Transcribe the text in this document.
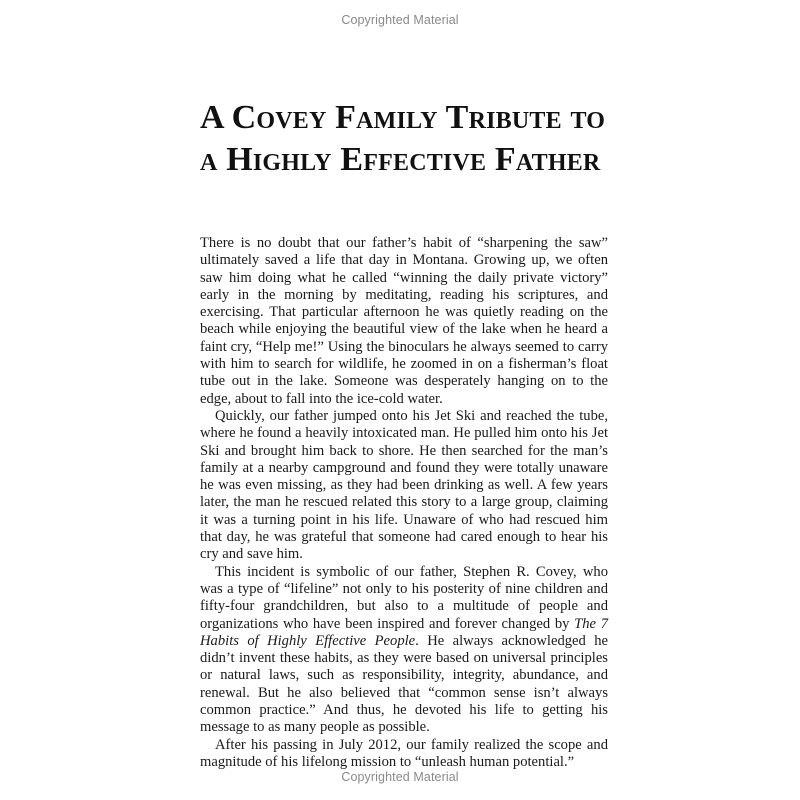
Copyrighted Material
A Covey Family Tribute to
a Highly Effective Father

There is no doubt that our father’s habit of “sharpening the saw” ultimately saved a life that day in Montana. Growing up, we often saw him doing what he called “winning the daily private victory” early in the morning by meditating, reading his scriptures, and exercising. That particular afternoon he was quietly reading on the beach while enjoying the beautiful view of the lake when he heard a faint cry, “Help me!” Using the binoculars he always seemed to carry with him to search for wildlife, he zoomed in on a fisherman’s float tube out in the lake. Someone was desperately hanging on to the edge, about to fall into the ice-cold water.

Quickly, our father jumped onto his Jet Ski and reached the tube, where he found a heavily intoxicated man. He pulled him onto his Jet Ski and brought him back to shore. He then searched for the man’s family at a nearby campground and found they were totally unaware he was even missing, as they had been drinking as well. A few years later, the man he rescued related this story to a large group, claiming it was a turning point in his life. Unaware of who had rescued him that day, he was grateful that someone had cared enough to hear his cry and save him.

This incident is symbolic of our father, Stephen R. Covey, who was a type of “lifeline” not only to his posterity of nine children and fifty-four grandchildren, but also to a multitude of people and organizations who have been inspired and forever changed by The 7 Habits of Highly Effective People. He always acknowledged he didn’t invent these habits, as they were based on universal principles or natural laws, such as responsibility, integrity, abundance, and renewal. But he also believed that “common sense isn’t always common practice.” And thus, he devoted his life to getting his message to as many people as possible.

After his passing in July 2012, our family realized the scope and magnitude of his lifelong mission to “unleash human potential.”

Copyrighted Material
